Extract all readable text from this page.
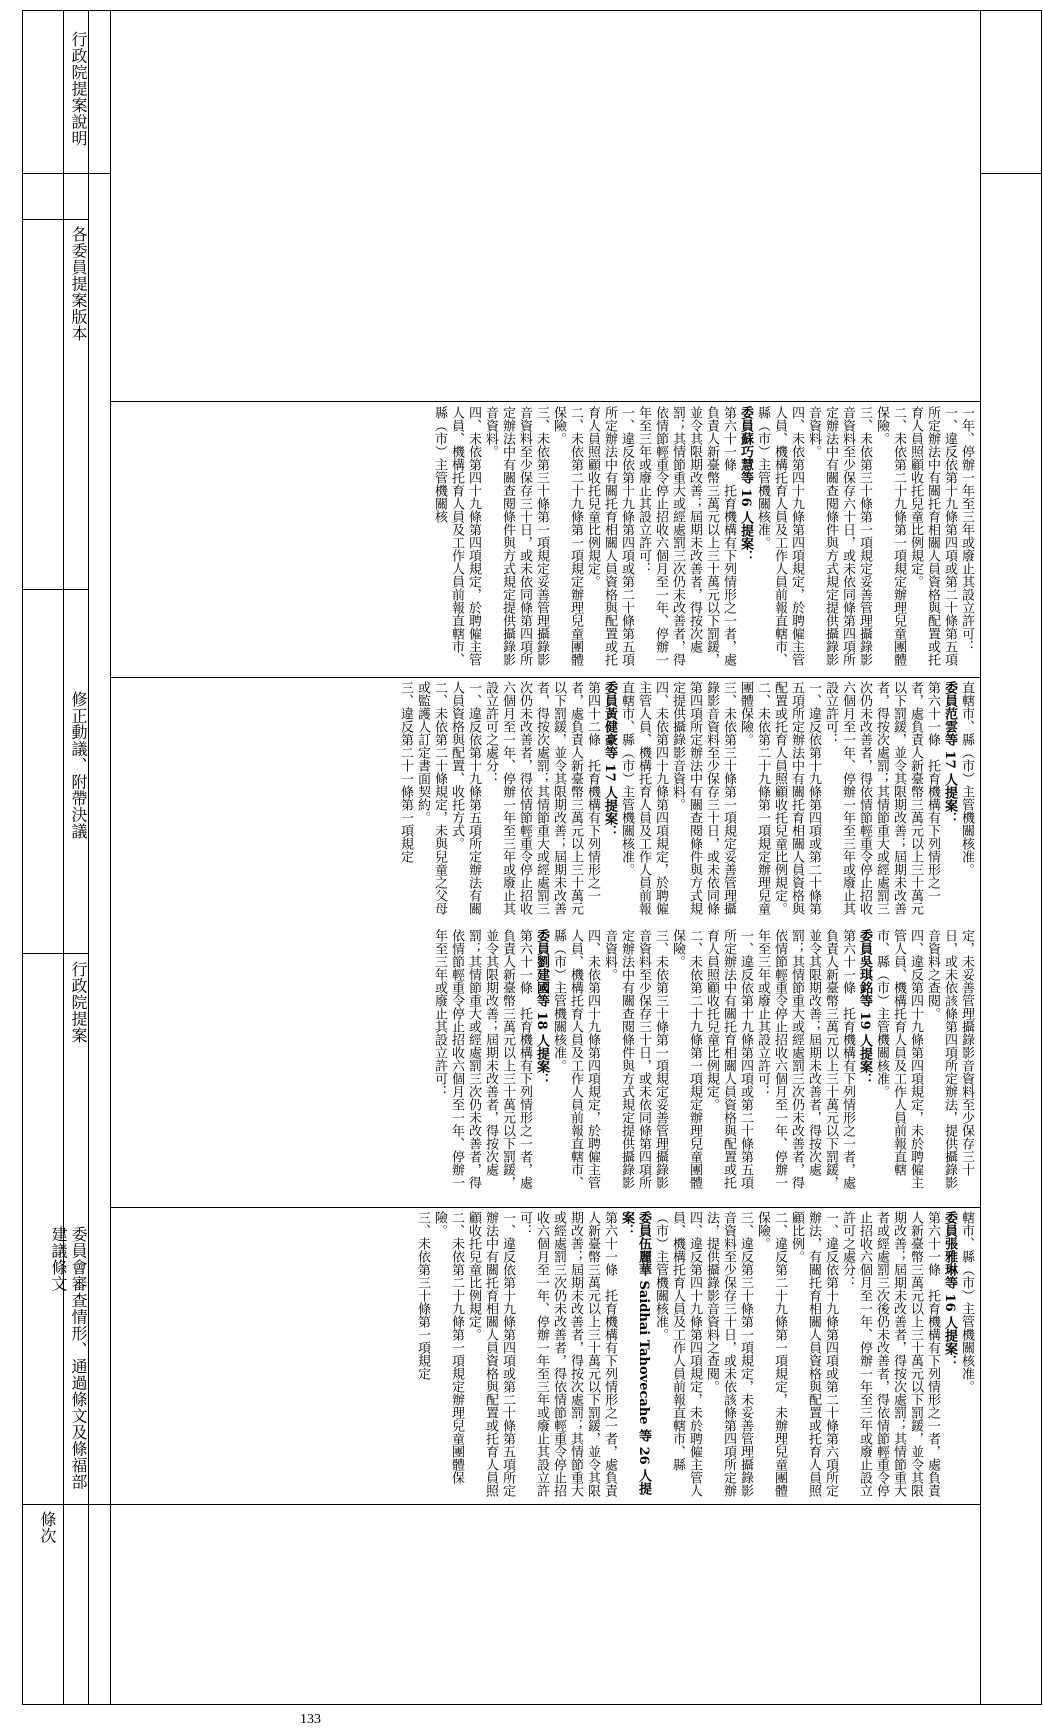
條次
委員會審查情形、通過條文及條福部建議條文
行政院提案
修正動議、附帶決議
各委員提案版本
行政院提案說明
轄市、縣（市）主管機關核准。
委員張雅琳等 16 人提案：
第六十一條　托育機構有下列情形之一者，處負責人新臺幣三萬元以上三十萬元以下罰鍰，並令其限期改善；屆期未改善者，得按次處罰；其情節重大者或經處罰三次後仍未改善者，得依情節輕重令停止招收六個月至一年、停辦一年至三年或廢止設立許可之處分：
一、違反依第十九條第四項或第二十條第六項所定辦法，有關托育相關人員資格與配置或托育人員照顧比例。
二、違反第二十九條第一項規定，未辦理兒童團體保險。
三、違反第三十條第一項規定，未妥善管理攝錄影音資料至少保存三十日，或未依該條第四項所定辦法，提供攝錄影音資料之查閱。
四、違反第四十九條第四項規定，未於聘僱主管人員、機構托育人員及工作人員前報直轄市、縣（市）主管機關核准。
委員伍麗華 Saidhai Tahovecahe 等 26 人提案：
第六十一條　托育機構有下列情形之一者，處負責人新臺幣三萬元以上三十萬元以下罰鍰，並令其限期改善；屆期未改善者，得按次處罰；其情節重大或經處罰三次仍未改善者，得依情節輕重令停止招收六個月至一年、停辦一年至三年或廢止其設立許可：
一、違反依第十九條第四項或第二十條第五項所定辦法中有關托育相關人員資格與配置或托育人員照顧收托兒童比例規定。
二、未依第二十九條第一項規定辦理兒童團體保險。
三、未依第三十條第一項規定
定，未妥善管理攝錄影音資料至少保存三十日，或未依該條第四項所定辦法，提供攝錄影音資料之查閱。
四、違反第四十九條第四項規定，未於聘僱主管人員、機構托育人員及工作人員前報直轄市、縣（市）主管機關核准。
委員吳琪銘等 19 人提案：
第六十一條　托育機構有下列情形之一者，處負責人新臺幣三萬元以上三十萬元以下罰鍰，並令其限期改善；屆期未改善者，得按次處罰；其情節重大或經處罰三次仍未改善者，得依情節輕重令停止招收六個月至一年、停辦一年至三年或廢止其設立許可：
一、違反依第十九條第四項或第二十條第五項所定辦法中有關托育相關人員資格與配置或托育人員照顧收托兒童比例規定。
二、未依第二十九條第一項規定辦理兒童團體保險。
三、未依第三十條第一項規定妥善管理攝錄影音資料至少保存三十日，或未依同條第四項所定辦法中有關查閱條件與方式規定提供攝錄影音資料。
四、未依第四十九條第四項規定，於聘僱主管人員、機構托育人員及工作人員前報直轄市、縣（市）主管機關核准。
委員劉建國等 18 人提案：
第六十一條　托育機構有下列情形之一者，處負責人新臺幣三萬元以上三十萬元以下罰鍰，並令其限期改善；屆期未改善者，得按次處罰；其情節重大或經處罰三次仍未改善者，得依情節輕重令停止招收六個月至一年、停辦一年至三年或廢止其設立許可：
直轄市、縣（市）主管機關核准。
委員范雲等 17 人提案：
第六十一條　托育機構有下列情形之一者，處負責人新臺幣三萬元以上三十萬元以下罰鍰，並令其限期改善；屆期未改善者，得按次處罰；其情節重大或經處罰三次仍未改善者，得依情節輕重令停止招收六個月至一年、停辦一年至三年或廢止其設立許可：
一、違反依第十九條第四項或第二十條第五項所定辦法中有關托育相關人員資格與配置或托育人員照顧收托兒童比例規定。
二、未依第二十九條第一項規定辦理兒童團體保險。
三、未依第三十條第一項規定妥善管理攝錄影音資料至少保存三十日，或未依同條第四項所定辦法中有關查閱條件與方式規定提供攝錄影音資料。
四、未依第四十九條第四項規定，於聘僱主管人員、機構托育人員及工作人員前報直轄市、縣（市）主管機關核准。
委員黃健豪等 17 人提案：
第四十二條　托育機構有下列情形之一者，處負責人新臺幣三萬元以上三十萬元以下罰鍰，並令其限期改善；屆期未改善者，得按次處罰；其情節重大或經處罰三次仍未改善者，得依情節輕重令停止招收六個月至一年、停辦一年至三年或廢止其設立許可之處分：
一、違反依第十九條第五項所定辦法有關人員資格與配置、收托方式。
二、未依第二十條規定，未與兒童之父母或監護人訂定書面契約。
三、違反第二十一條第一項規定
一年、停辦一年至三年或廢止其設立許可：
一、違反依第十九條第四項或第二十條第五項所定辦法中有關托育相關人員資格與配置或托育人員照顧收托兒童比例規定。
二、未依第二十九條第一項規定辦理兒童團體保險。
三、未依第三十條第一項規定妥善管理攝錄影音資料至少保存六十日，或未依同條第四項所定辦法中有關查閱條件與方式規定提供攝錄影音資料。
四、未依第四十九條第四項規定，於聘僱主管人員、機構托育人員及工作人員前報直轄市、縣（市）主管機關核准。
委員蘇巧慧等 16 人提案：
第六十一條　托育機構有下列情形之一者，處負責人新臺幣三萬元以上三十萬元以下罰鍰，並令其限期改善；屆期未改善者，得按次處罰；其情節重大或經處罰三次仍未改善者，得依情節輕重令停止招收六個月至一年、停辦一年至三年或廢止其設立許可：
一、違反依第十九條第四項或第二十條第五項所定辦法中有關托育相關人員資格與配置或托育人員照顧收托兒童比例規定。
二、未依第二十九條第一項規定辦理兒童團體保險。
三、未依第三十條第一項規定妥善管理攝錄影音資料至少保存三十日，或未依同條第四項所定辦法中有關查閱條件與方式規定提供攝錄影音資料。
四、未依第四十九條第四項規定，於聘僱主管人員、機構托育人員及工作人員前報直轄市、縣（市）主管機關核
133
